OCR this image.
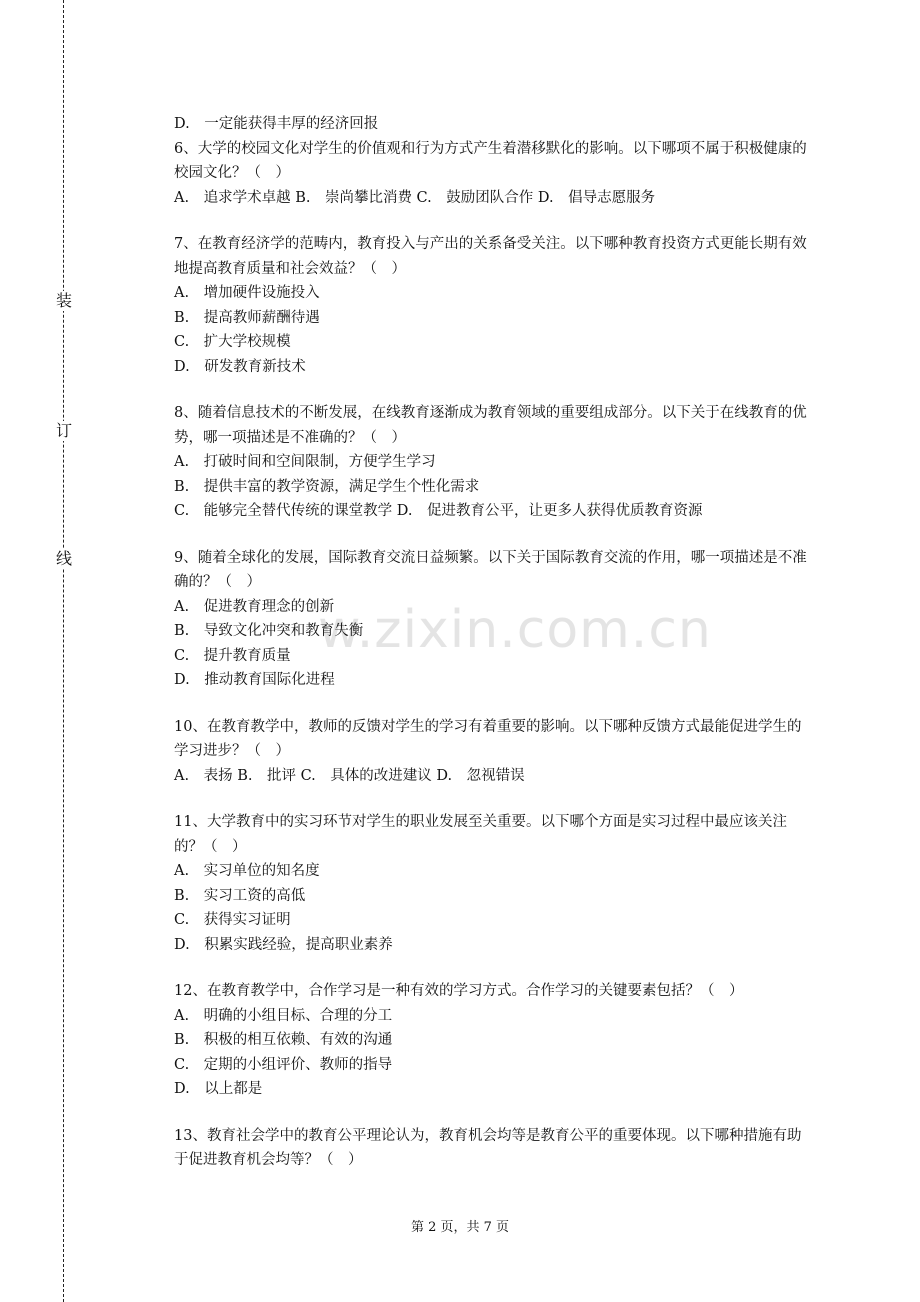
装
订
线
w.zixin.com.cn
D.　一定能获得丰厚的经济回报
6、大学的校园文化对学生的价值观和行为方式产生着潜移默化的影响。以下哪项不属于积极健康的校园文化？（　）
A.　追求学术卓越 B.　崇尚攀比消费 C.　鼓励团队合作 D.　倡导志愿服务
7、在教育经济学的范畴内，教育投入与产出的关系备受关注。以下哪种教育投资方式更能长期有效地提高教育质量和社会效益？（　）
A.　增加硬件设施投入
B.　提高教师薪酬待遇
C.　扩大学校规模
D.　研发教育新技术
8、随着信息技术的不断发展，在线教育逐渐成为教育领域的重要组成部分。以下关于在线教育的优势，哪一项描述是不准确的？（　）
A.　打破时间和空间限制，方便学生学习
B.　提供丰富的教学资源，满足学生个性化需求
C.　能够完全替代传统的课堂教学 D.　促进教育公平，让更多人获得优质教育资源
9、随着全球化的发展，国际教育交流日益频繁。以下关于国际教育交流的作用，哪一项描述是不准确的？（　）
A.　促进教育理念的创新
B.　导致文化冲突和教育失衡
C.　提升教育质量
D.　推动教育国际化进程
10、在教育教学中，教师的反馈对学生的学习有着重要的影响。以下哪种反馈方式最能促进学生的学习进步？（　）
A.　表扬 B.　批评 C.　具体的改进建议 D.　忽视错误
11、大学教育中的实习环节对学生的职业发展至关重要。以下哪个方面是实习过程中最应该关注的？（　）
A.　实习单位的知名度
B.　实习工资的高低
C.　获得实习证明
D.　积累实践经验，提高职业素养
12、在教育教学中，合作学习是一种有效的学习方式。合作学习的关键要素包括？（　）
A.　明确的小组目标、合理的分工
B.　积极的相互依赖、有效的沟通
C.　定期的小组评价、教师的指导
D.　以上都是
13、教育社会学中的教育公平理论认为，教育机会均等是教育公平的重要体现。以下哪种措施有助于促进教育机会均等？（　）
第 2 页，共 7 页
